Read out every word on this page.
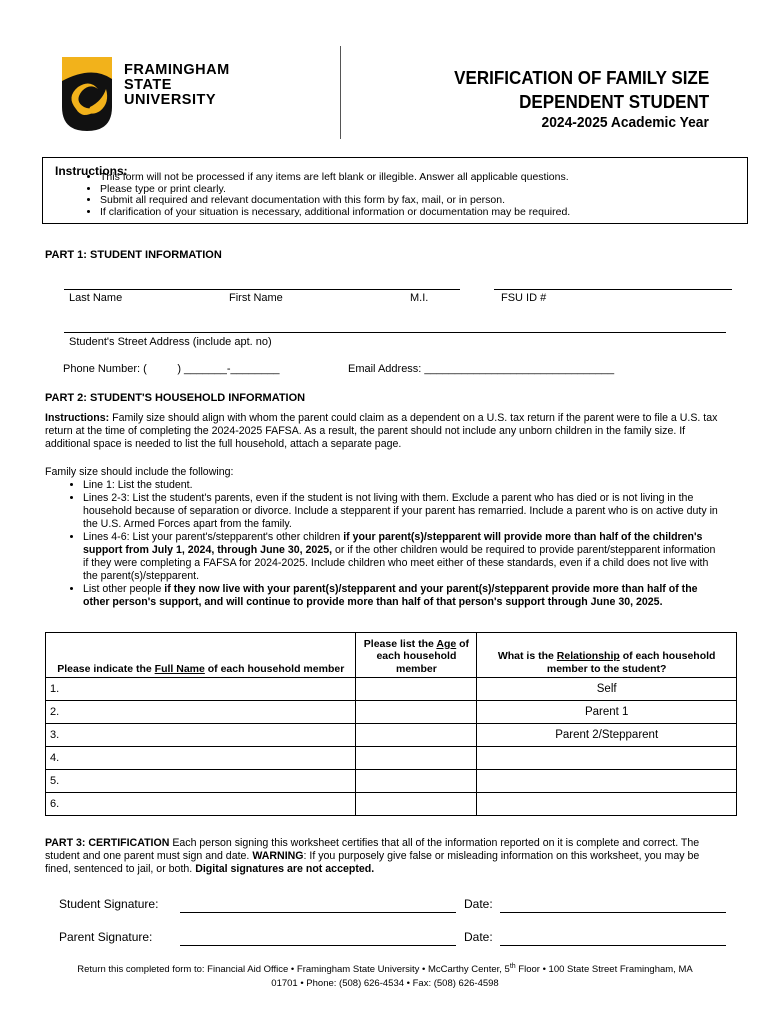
FRAMINGHAM
STATE
UNIVERSITY
VERIFICATION OF FAMILY SIZE
DEPENDENT STUDENT
2024-2025 Academic Year
Instructions:
• This form will not be processed if any items are left blank or illegible. Answer all applicable questions.
• Please type or print clearly.
• Submit all required and relevant documentation with this form by fax, mail, or in person.
• If clarification of your situation is necessary, additional information or documentation may be required.
PART 1: STUDENT INFORMATION
Last Name	First Name	M.I.	FSU ID #
Student's Street Address (include apt. no)
Phone Number: (          ) _______-________	Email Address: _______________________________
PART 2: STUDENT'S HOUSEHOLD INFORMATION
Instructions: Family size should align with whom the parent could claim as a dependent on a U.S. tax return if the parent were to file a U.S. tax return at the time of completing the 2024-2025 FAFSA. As a result, the parent should not include any unborn children in the family size. If additional space is needed to list the full household, attach a separate page.
Family size should include the following:
• Line 1: List the student.
• Lines 2-3: List the student's parents, even if the student is not living with them. Exclude a parent who has died or is not living in the household because of separation or divorce. Include a stepparent if your parent has remarried. Include a parent who is on active duty in the U.S. Armed Forces apart from the family.
• Lines 4-6: List your parent's/stepparent's other children if your parent(s)/stepparent will provide more than half of the children's support from July 1, 2024, through June 30, 2025, or if the other children would be required to provide parent/stepparent information if they were completing a FAFSA for 2024-2025. Include children who meet either of these standards, even if a child does not live with the parent(s)/stepparent.
• List other people if they now live with your parent(s)/stepparent and your parent(s)/stepparent provide more than half of the other person's support, and will continue to provide more than half of that person's support through June 30, 2025.
Please indicate the Full Name of each household member	Please list the Age of each household member	What is the Relationship of each household member to the student?
1.		Self
2.		Parent 1
3.		Parent 2/Stepparent
4.		
5.		
6.		
PART 3: CERTIFICATION Each person signing this worksheet certifies that all of the information reported on it is complete and correct. The student and one parent must sign and date. WARNING: If you purposely give false or misleading information on this worksheet, you may be fined, sentenced to jail, or both. Digital signatures are not accepted.
Student Signature:	Date:
Parent Signature:	Date:
Return this completed form to: Financial Aid Office • Framingham State University • McCarthy Center, 5th Floor • 100 State Street Framingham, MA
01701 • Phone: (508) 626-4534 • Fax: (508) 626-4598
